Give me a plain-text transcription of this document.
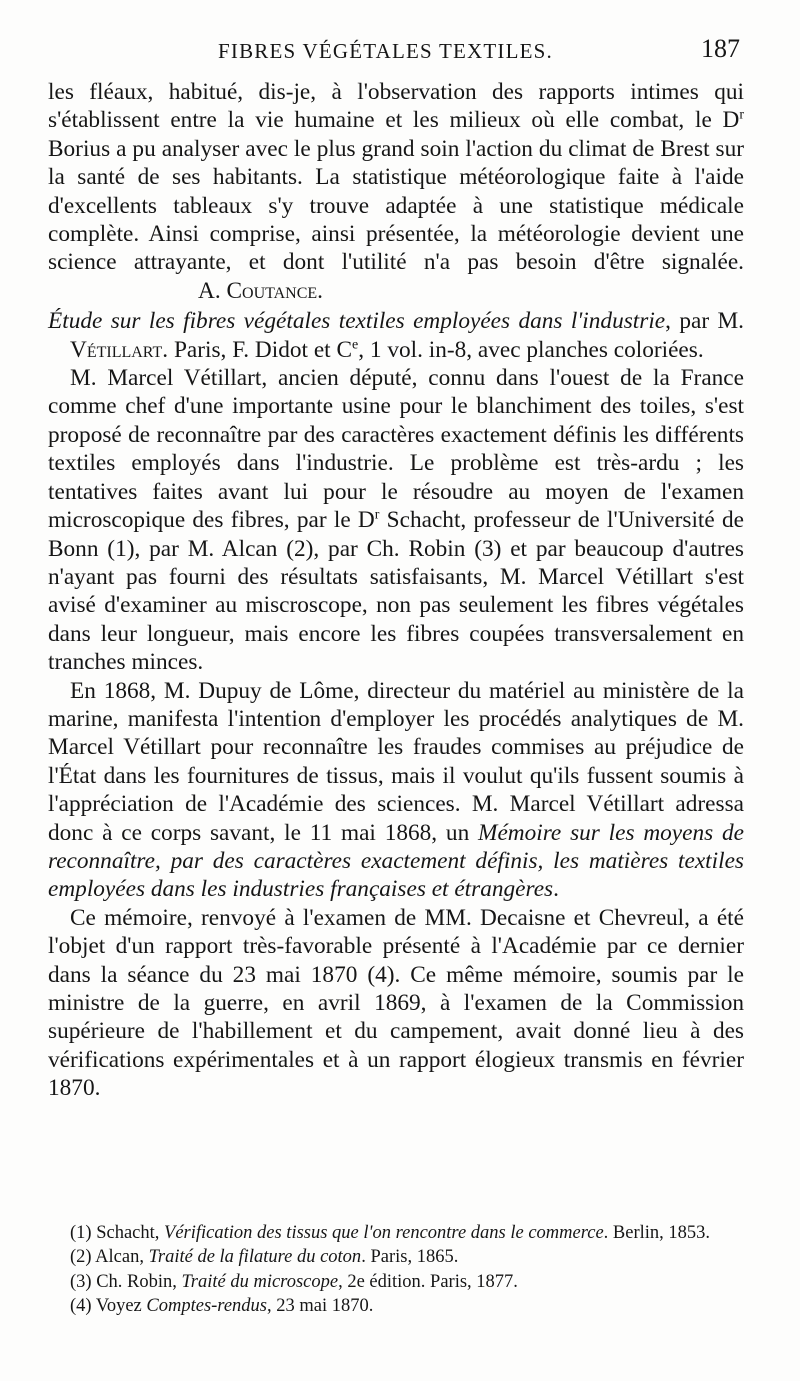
FIBRES VÉGÉTALES TEXTILES.	187

les fléaux, habitué, dis-je, à l'observation des rapports intimes qui s'établissent entre la vie humaine et les milieux où elle combat, le $D^r$ Borius a pu analyser avec le plus grand soin l'action du climat de Brest sur la santé de ses habitants. La statistique météorologique faite à l'aide d'excellents tableaux s'y trouve adaptée à une statistique médicale complète. Ainsi comprise, ainsi présentée, la météorologie devient une science attrayante, et dont l'utilité n'a pas besoin d'être signalée.A. Coutance.

Étude sur les fibres végétales textiles employées dans l'industrie, par M. Vétillart. Paris, F. Didot et Ce, 1 vol. in-8, avec planches coloriées.

M. Marcel Vétillart, ancien député, connu dans l'ouest de la France comme chef d'une importante usine pour le blanchiment des toiles, s'est proposé de reconnaître par des caractères exactement définis les différents textiles employés dans l'industrie. Le problème est très-ardu ; les tentatives faites avant lui pour le résoudre au moyen de l'examen microscopique des fibres, par le $D^r$ Schacht, professeur de l'Université de Bonn (1), par M. Alcan (2), par Ch. Robin (3) et par beaucoup d'autres n'ayant pas fourni des résultats satisfaisants, M. Marcel Vétillart s'est avisé d'examiner au miscroscope, non pas seulement les fibres végétales dans leur longueur, mais encore les fibres coupées transversalement en tranches minces.

En 1868, M. Dupuy de Lôme, directeur du matériel au ministère de la marine, manifesta l'intention d'employer les procédés analytiques de M. Marcel Vétillart pour reconnaître les fraudes commises au préjudice de l'État dans les fournitures de tissus, mais il voulut qu'ils fussent soumis à l'appréciation de l'Académie des sciences. M. Marcel Vétillart adressa donc à ce corps savant, le 11 mai 1868, un Mémoire sur les moyens de reconnaître, par des caractères exactement définis, les matières textiles employées dans les industries françaises et étrangères.

Ce mémoire, renvoyé à l'examen de MM. Decaisne et Chevreul, a été l'objet d'un rapport très-favorable présenté à l'Académie par ce dernier dans la séance du 23 mai 1870 (4). Ce même mémoire, soumis par le ministre de la guerre, en avril 1869, à l'examen de la Commission supérieure de l'habillement et du campement, avait donné lieu à des vérifications expérimentales et à un rapport élogieux transmis en février 1870.

(1) Schacht, Vérification des tissus que l'on rencontre dans le commerce. Berlin, 1853.

(2) Alcan, Traité de la filature du coton. Paris, 1865.

(3) Ch. Robin, Traité du microscope, 2e édition. Paris, 1877.

(4) Voyez Comptes-rendus, 23 mai 1870.
